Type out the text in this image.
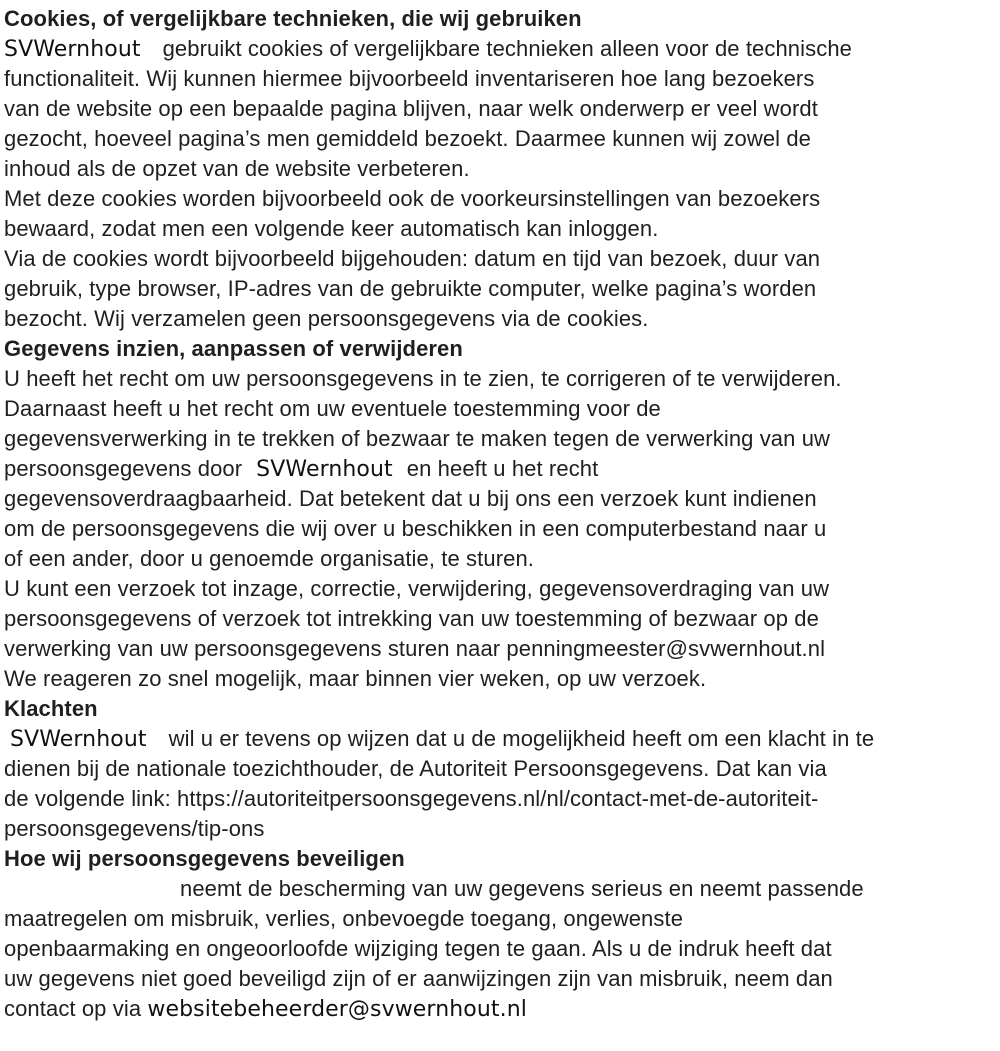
Cookies, of vergelijkbare technieken, die wij gebruiken
SVWernhout gebruikt cookies of vergelijkbare technieken alleen voor de technische
functionaliteit. Wij kunnen hiermee bijvoorbeeld inventariseren hoe lang bezoekers
van de website op een bepaalde pagina blijven, naar welk onderwerp er veel wordt
gezocht, hoeveel pagina’s men gemiddeld bezoekt. Daarmee kunnen wij zowel de
inhoud als de opzet van de website verbeteren.
Met deze cookies worden bijvoorbeeld ook de voorkeursinstellingen van bezoekers
bewaard, zodat men een volgende keer automatisch kan inloggen.
Via de cookies wordt bijvoorbeeld bijgehouden: datum en tijd van bezoek, duur van
gebruik, type browser, IP-adres van de gebruikte computer, welke pagina’s worden
bezocht. Wij verzamelen geen persoonsgegevens via de cookies.
Gegevens inzien, aanpassen of verwijderen
U heeft het recht om uw persoonsgegevens in te zien, te corrigeren of te verwijderen.
Daarnaast heeft u het recht om uw eventuele toestemming voor de
gegevensverwerking in te trekken of bezwaar te maken tegen de verwerking van uw
persoonsgegevens door SVWernhout en heeft u het recht
gegevensoverdraagbaarheid. Dat betekent dat u bij ons een verzoek kunt indienen
om de persoonsgegevens die wij over u beschikken in een computerbestand naar u
of een ander, door u genoemde organisatie, te sturen.
U kunt een verzoek tot inzage, correctie, verwijdering, gegevensoverdraging van uw
persoonsgegevens of verzoek tot intrekking van uw toestemming of bezwaar op de
verwerking van uw persoonsgegevens sturen naar penningmeester@svwernhout.nl
We reageren zo snel mogelijk, maar binnen vier weken, op uw verzoek.
Klachten
SVWernhout wil u er tevens op wijzen dat u de mogelijkheid heeft om een klacht in te
dienen bij de nationale toezichthouder, de Autoriteit Persoonsgegevens. Dat kan via
de volgende link: https://autoriteitpersoonsgegevens.nl/nl/contact-met-de-autoriteit-
persoonsgegevens/tip-ons
Hoe wij persoonsgegevens beveiligen
neemt de bescherming van uw gegevens serieus en neemt passende
maatregelen om misbruik, verlies, onbevoegde toegang, ongewenste
openbaarmaking en ongeoorloofde wijziging tegen te gaan. Als u de indruk heeft dat
uw gegevens niet goed beveiligd zijn of er aanwijzingen zijn van misbruik, neem dan
contact op via websitebeheerder@svwernhout.nl
